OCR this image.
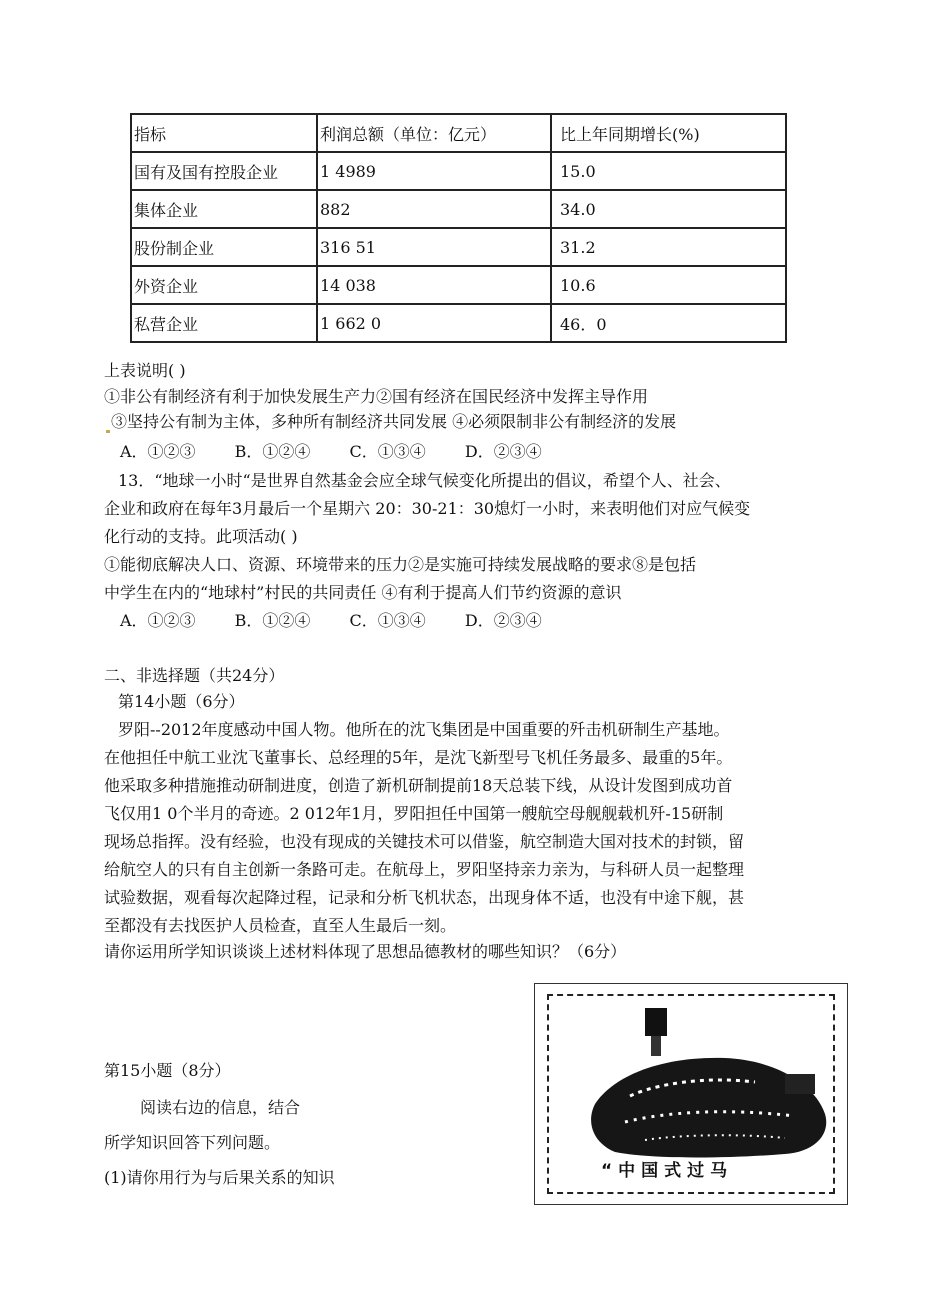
指标	利润总额（单位：亿元）	比上年同期增长(%)
国有及国有控股企业	1 4989	15.0
集体企业	882	34.0
股份制企业	316 51	31.2
外资企业	14 038	10.6
私营企业	1 662 0	46．0
上表说明( )
①非公有制经济有利于加快发展生产力②国有经济在国民经济中发挥主导作用
③坚持公有制为主体，多种所有制经济共同发展 ④必须限制非公有制经济的发展
A．①②③ B．①②④ C．①③④ D．②③④
13．“地球一小时“是世界自然基金会应全球气候变化所提出的倡议，希望个人、社会、
企业和政府在每年3月最后一个星期六 20：30-21：30熄灯一小时，来表明他们对应气候变
化行动的支持。此项活动( )
①能彻底解决人口、资源、环境带来的压力②是实施可持续发展战略的要求⑧是包括
中学生在内的“地球村”村民的共同责任 ④有利于提高人们节约资源的意识
A．①②③ B．①②④ C．①③④ D．②③④
二、非选择题（共24分）
第14小题（6分）
罗阳--2012年度感动中国人物。他所在的沈飞集团是中国重要的歼击机研制生产基地。
在他担任中航工业沈飞董事长、总经理的5年，是沈飞新型号飞机任务最多、最重的5年。
他采取多种措施推动研制进度，创造了新机研制提前18天总装下线，从设计发图到成功首
飞仅用1 0个半月的奇迹。2 012年1月，罗阳担任中国第一艘航空母舰舰载机歼-15研制
现场总指挥。没有经验，也没有现成的关键技术可以借鉴，航空制造大国对技术的封锁，留
给航空人的只有自主创新一条路可走。在航母上，罗阳坚持亲力亲为，与科研人员一起整理
试验数据，观看每次起降过程，记录和分析飞机状态，出现身体不适，也没有中途下舰，甚
至都没有去找医护人员检查，直至人生最后一刻。
请你运用所学知识谈谈上述材料体现了思想品德教材的哪些知识？（6分）
第15小题（8分）
阅读右边的信息，结合
所学知识回答下列问题。
(1)请你用行为与后果关系的知识	“中国式过马
